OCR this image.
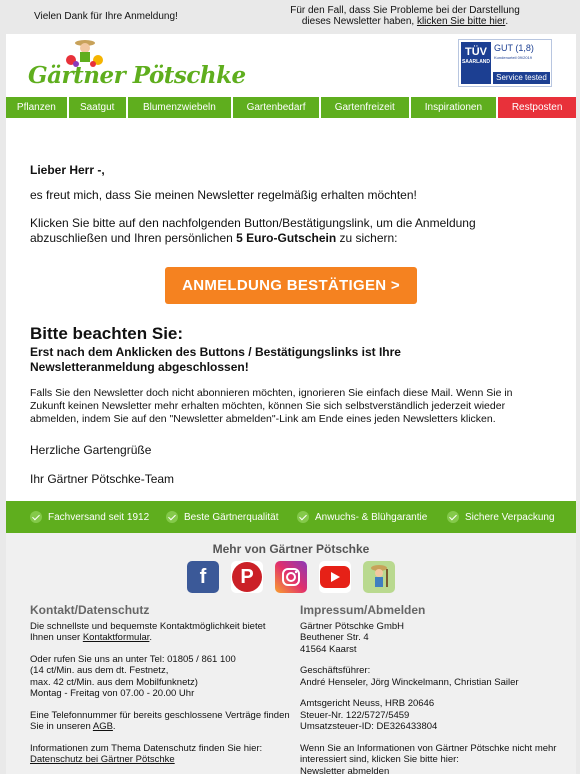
Vielen Dank für Ihre Anmeldung!
Für den Fall, dass Sie Probleme bei der Darstellung dieses Newsletter haben, klicken Sie bitte hier.
Gärtner Pötschke
TÜV
SAARLAND
GUT (1,8)
Kundenurteil 09/2019
Service tested
Pflanzen	Saatgut	Blumenzwiebeln	Gartenbedarf	Gartenfreizeit	Inspirationen	Restposten
Lieber Herr -,
es freut mich, dass Sie meinen Newsletter regelmäßig erhalten möchten!
Klicken Sie bitte auf den nachfolgenden Button/Bestätigungslink, um die Anmeldung abzuschließen und Ihren persönlichen 5 Euro-Gutschein zu sichern:
ANMELDUNG BESTÄTIGEN >
Bitte beachten Sie:
Erst nach dem Anklicken des Buttons / Bestätigungslinks ist Ihre Newsletteranmeldung abgeschlossen!
Falls Sie den Newsletter doch nicht abonnieren möchten, ignorieren Sie einfach diese Mail. Wenn Sie in Zukunft keinen Newsletter mehr erhalten möchten, können Sie sich selbstverständlich jederzeit wieder abmelden, indem Sie auf den "Newsletter abmelden"-Link am Ende eines jeden Newsletters klicken.
Herzliche Gartengrüße
Ihr Gärtner Pötschke-Team
Fachversand seit 1912	Beste Gärtnerqualität	Anwuchs- & Blühgarantie	Sichere Verpackung
Mehr von Gärtner Pötschke
f	P
Kontakt/Datenschutz
Die schnellste und bequemste Kontaktmöglichkeit bietet Ihnen unser Kontaktformular.
Oder rufen Sie uns an unter Tel: 01805 / 861 100
(14 ct/Min. aus dem dt. Festnetz,
max. 42 ct/Min. aus dem Mobilfunknetz)
Montag - Freitag von 07.00 - 20.00 Uhr
Eine Telefonnummer für bereits geschlossene Verträge finden Sie in unseren AGB.
Informationen zum Thema Datenschutz finden Sie hier:
Datenschutz bei Gärtner Pötschke
Impressum/Abmelden
Gärtner Pötschke GmbH
Beuthener Str. 4
41564 Kaarst
Geschäftsführer:
André Henseler, Jörg Winckelmann, Christian Sailer
Amtsgericht Neuss, HRB 20646
Steuer-Nr. 122/5727/5459
Umsatzsteuer-ID: DE326433804
Wenn Sie an Informationen von Gärtner Pötschke nicht mehr interessiert sind, klicken Sie bitte hier:
Newsletter abmelden
